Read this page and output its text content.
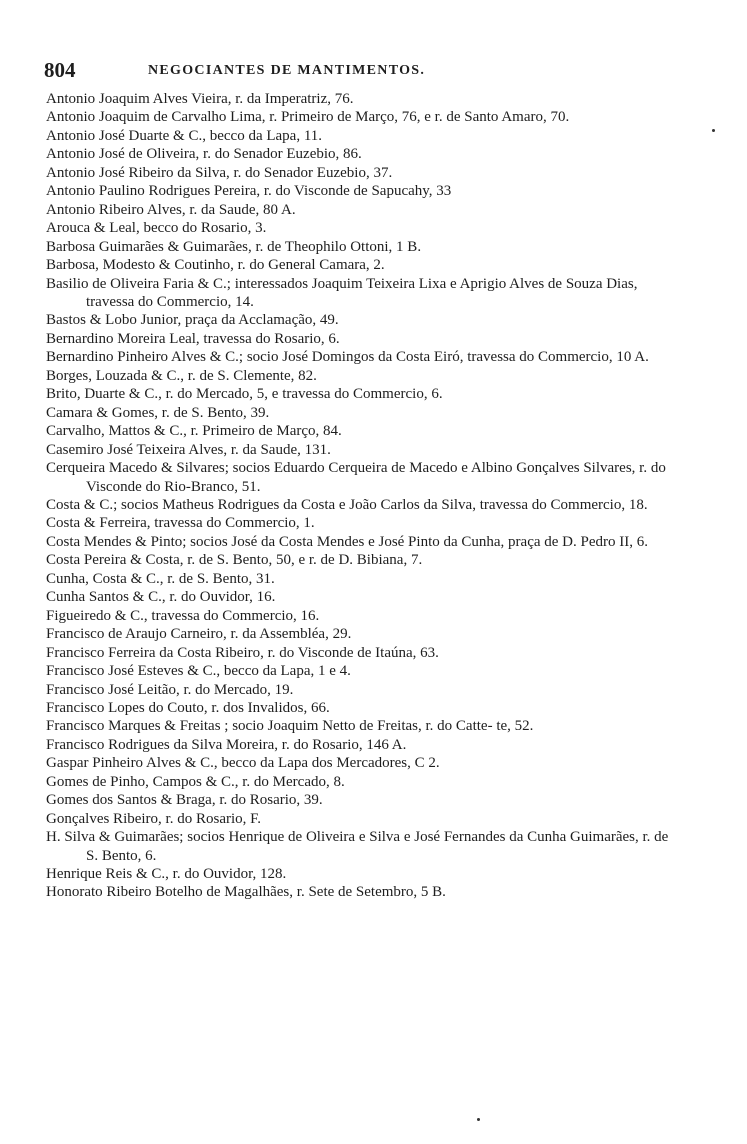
804	NEGOCIANTES DE MANTIMENTOS.
Antonio Joaquim Alves Vieira, r. da Imperatriz, 76.
Antonio Joaquim de Carvalho Lima, r. Primeiro de Março, 76, e r. de Santo Amaro, 70.
Antonio José Duarte & C., becco da Lapa, 11.
Antonio José de Oliveira, r. do Senador Euzebio, 86.
Antonio José Ribeiro da Silva, r. do Senador Euzebio, 37.
Antonio Paulino Rodrigues Pereira, r. do Visconde de Sapucahy, 33
Antonio Ribeiro Alves, r. da Saude, 80 A.
Arouca & Leal, becco do Rosario, 3.
Barbosa Guimarães & Guimarães, r. de Theophilo Ottoni, 1 B.
Barbosa, Modesto & Coutinho, r. do General Camara, 2.
Basilio de Oliveira Faria & C.; interessados Joaquim Teixeira Lixa e Aprigio Alves de Souza Dias, travessa do Commercio, 14.
Bastos & Lobo Junior, praça da Acclamação, 49.
Bernardino Moreira Leal, travessa do Rosario, 6.
Bernardino Pinheiro Alves & C.; socio José Domingos da Costa Eiró, travessa do Commercio, 10 A.
Borges, Louzada & C., r. de S. Clemente, 82.
Brito, Duarte & C., r. do Mercado, 5, e travessa do Commercio, 6.
Camara & Gomes, r. de S. Bento, 39.
Carvalho, Mattos & C., r. Primeiro de Março, 84.
Casemiro José Teixeira Alves, r. da Saude, 131.
Cerqueira Macedo & Silvares; socios Eduardo Cerqueira de Macedo e Albino Gonçalves Silvares, r. do Visconde do Rio-Branco, 51.
Costa & C.; socios Matheus Rodrigues da Costa e João Carlos da Silva, travessa do Commercio, 18.
Costa & Ferreira, travessa do Commercio, 1.
Costa Mendes & Pinto; socios José da Costa Mendes e José Pinto da Cunha, praça de D. Pedro II, 6.
Costa Pereira & Costa, r. de S. Bento, 50, e r. de D. Bibiana, 7.
Cunha, Costa & C., r. de S. Bento, 31.
Cunha Santos & C., r. do Ouvidor, 16.
Figueiredo & C., travessa do Commercio, 16.
Francisco de Araujo Carneiro, r. da Assembléa, 29.
Francisco Ferreira da Costa Ribeiro, r. do Visconde de Itaúna, 63.
Francisco José Esteves & C., becco da Lapa, 1 e 4.
Francisco José Leitão, r. do Mercado, 19.
Francisco Lopes do Couto, r. dos Invalidos, 66.
Francisco Marques & Freitas ; socio Joaquim Netto de Freitas, r. do Catte- te, 52.
Francisco Rodrigues da Silva Moreira, r. do Rosario, 146 A.
Gaspar Pinheiro Alves & C., becco da Lapa dos Mercadores, C 2.
Gomes de Pinho, Campos & C., r. do Mercado, 8.
Gomes dos Santos & Braga, r. do Rosario, 39.
Gonçalves Ribeiro, r. do Rosario, F.
H. Silva & Guimarães; socios Henrique de Oliveira e Silva e José Fernandes da Cunha Guimarães, r. de S. Bento, 6.
Henrique Reis & C., r. do Ouvidor, 128.
Honorato Ribeiro Botelho de Magalhães, r. Sete de Setembro, 5 B.
